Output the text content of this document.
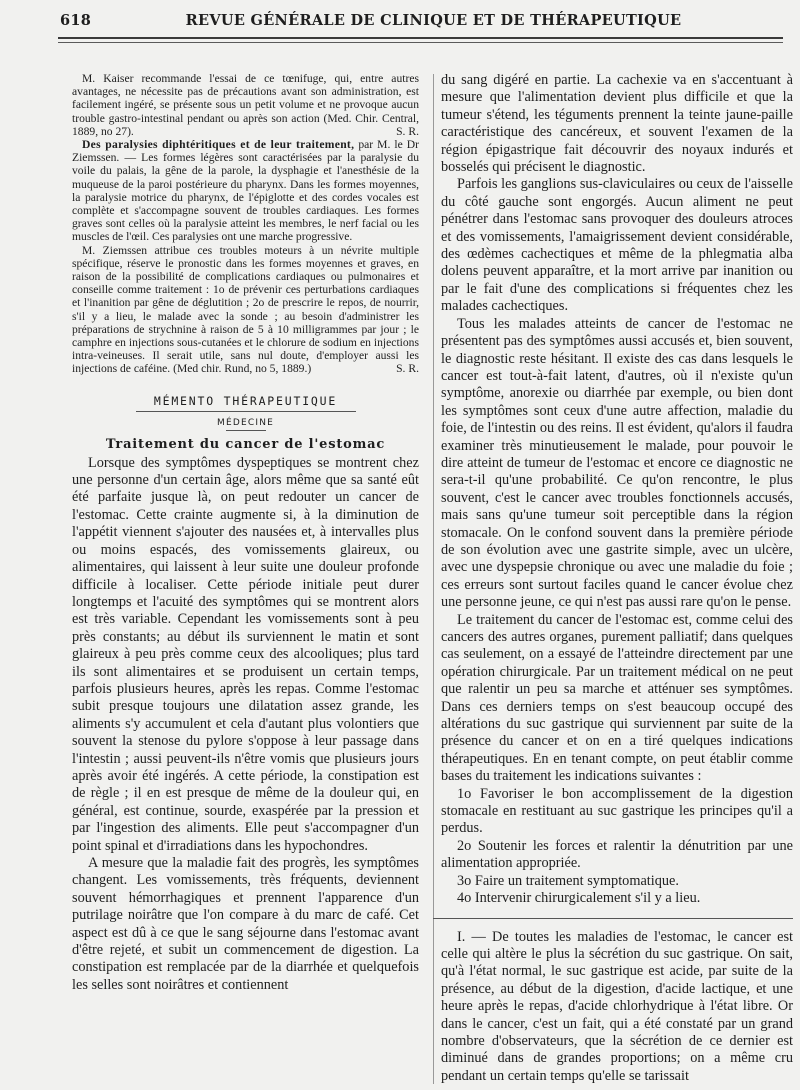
618	REVUE GÉNÉRALE DE CLINIQUE ET DE THÉRAPEUTIQUE

M. Kaiser recommande l'essai de ce tœnifuge, qui, entre autres avantages, ne nécessite pas de précautions avant son administration, est facilement ingéré, se présente sous un petit volume et ne provoque aucun trouble gastro-intestinal pendant ou après son action (Med. Chir. Central, 1889, no 27).	S. R.

Des paralysies diphtéritiques et de leur traitement, par M. le Dr Ziemssen. — Les formes légères sont caractérisées par la paralysie du voile du palais, la gêne de la parole, la dysphagie et l'anesthésie de la muqueuse de la paroi postérieure du pharynx. Dans les formes moyennes, la paralysie motrice du pharynx, de l'épiglotte et des cordes vocales est complète et s'accompagne souvent de troubles cardiaques. Les formes graves sont celles où la paralysie atteint les membres, le nerf facial ou les muscles de l'œil. Ces paralysies ont une marche progressive.

M. Ziemssen attribue ces troubles moteurs à un névrite multiple spécifique, réserve le pronostic dans les formes moyennes et graves, en raison de la possibilité de complications cardiaques ou pulmonaires et conseille comme traitement : 1o de prévenir ces perturbations cardiaques et l'inanition par gêne de déglutition ; 2o de prescrire le repos, de nourrir, s'il y a lieu, le malade avec la sonde ; au besoin d'administrer les préparations de strychnine à raison de 5 à 10 milligrammes par jour ; le camphre en injections sous-cutanées et le chlorure de sodium en injections intra-veineuses. Il serait utile, sans nul doute, d'employer aussi les injections de caféine. (Med chir. Rund, no 5, 1889.)	S. R.

MÉMENTO THÉRAPEUTIQUE
MÉDECINE
Traitement du cancer de l'estomac

Lorsque des symptômes dyspeptiques se montrent chez une personne d'un certain âge, alors même que sa santé eût été parfaite jusque là, on peut redouter un cancer de l'estomac. Cette crainte augmente si, à la diminution de l'appétit viennent s'ajouter des nausées et, à intervalles plus ou moins espacés, des vomissements glaireux, ou alimentaires, qui laissent à leur suite une douleur profonde difficile à localiser. Cette période initiale peut durer longtemps et l'acuité des symptômes qui se montrent alors est très variable. Cependant les vomissements sont à peu près constants; au début ils surviennent le matin et sont glaireux à peu près comme ceux des alcooliques; plus tard ils sont alimentaires et se produisent un certain temps, parfois plusieurs heures, après les repas. Comme l'estomac subit presque toujours une dilatation assez grande, les aliments s'y accumulent et cela d'autant plus volontiers que souvent la stenose du pylore s'oppose à leur passage dans l'intestin ; aussi peuvent-ils n'être vomis que plusieurs jours après avoir été ingérés. A cette période, la constipation est de règle ; il en est presque de même de la douleur qui, en général, est continue, sourde, exaspérée par la pression et par l'ingestion des aliments. Elle peut s'accompagner d'un point spinal et d'irradiations dans les hypochondres.

A mesure que la maladie fait des progrès, les symptômes changent. Les vomissements, très fréquents, deviennent souvent hémorrhagiques et prennent l'apparence d'un putrilage noirâtre que l'on compare à du marc de café. Cet aspect est dû à ce que le sang séjourne dans l'estomac avant d'être rejeté, et subit un commencement de digestion. La constipation est remplacée par de la diarrhée et quelquefois les selles sont noirâtres et contiennent

du sang digéré en partie. La cachexie va en s'accentuant à mesure que l'alimentation devient plus difficile et que la tumeur s'étend, les téguments prennent la teinte jaune-paille caractéristique des cancéreux, et souvent l'examen de la région épigastrique fait découvrir des noyaux indurés et bosselés qui précisent le diagnostic.

Parfois les ganglions sus-claviculaires ou ceux de l'aisselle du côté gauche sont engorgés. Aucun aliment ne peut pénétrer dans l'estomac sans provoquer des douleurs atroces et des vomissements, l'amaigrissement devient considérable, des œdèmes cachectiques et même de la phlegmatia alba dolens peuvent apparaître, et la mort arrive par inanition ou par le fait d'une des complications si fréquentes chez les malades cachectiques.

Tous les malades atteints de cancer de l'estomac ne présentent pas des symptômes aussi accusés et, bien souvent, le diagnostic reste hésitant. Il existe des cas dans lesquels le cancer est tout-à-fait latent, d'autres, où il n'existe qu'un symptôme, anorexie ou diarrhée par exemple, ou bien dont les symptômes sont ceux d'une autre affection, maladie du foie, de l'intestin ou des reins. Il est évident, qu'alors il faudra examiner très minutieusement le malade, pour pouvoir le dire atteint de tumeur de l'estomac et encore ce diagnostic ne sera-t-il qu'une probabilité. Ce qu'on rencontre, le plus souvent, c'est le cancer avec troubles fonctionnels accusés, mais sans qu'une tumeur soit perceptible dans la région stomacale. On le confond souvent dans la première période de son évolution avec une gastrite simple, avec un ulcère, avec une dyspepsie chronique ou avec une maladie du foie ; ces erreurs sont surtout faciles quand le cancer évolue chez une personne jeune, ce qui n'est pas aussi rare qu'on le pense.

Le traitement du cancer de l'estomac est, comme celui des cancers des autres organes, purement palliatif; dans quelques cas seulement, on a essayé de l'atteindre directement par une opération chirurgicale. Par un traitement médical on ne peut que ralentir un peu sa marche et atténuer ses symptômes. Dans ces derniers temps on s'est beaucoup occupé des altérations du suc gastrique qui surviennent par suite de la présence du cancer et on en a tiré quelques indications thérapeutiques. En en tenant compte, on peut établir comme bases du traitement les indications suivantes :

1o Favoriser le bon accomplissement de la digestion stomacale en restituant au suc gastrique les principes qu'il a perdus.

2o Soutenir les forces et ralentir la dénutrition par une alimentation appropriée.

3o Faire un traitement symptomatique.

4o Intervenir chirurgicalement s'il y a lieu.

I. — De toutes les maladies de l'estomac, le cancer est celle qui altère le plus la sécrétion du suc gastrique. On sait, qu'à l'état normal, le suc gastrique est acide, par suite de la présence, au début de la digestion, d'acide lactique, et une heure après le repas, d'acide chlorhydrique à l'état libre. Or dans le cancer, c'est un fait, qui a été constaté par un grand nombre d'observateurs, que la sécrétion de ce dernier est diminué dans de grandes proportions; on a même cru pendant un certain temps qu'elle se tarissait
